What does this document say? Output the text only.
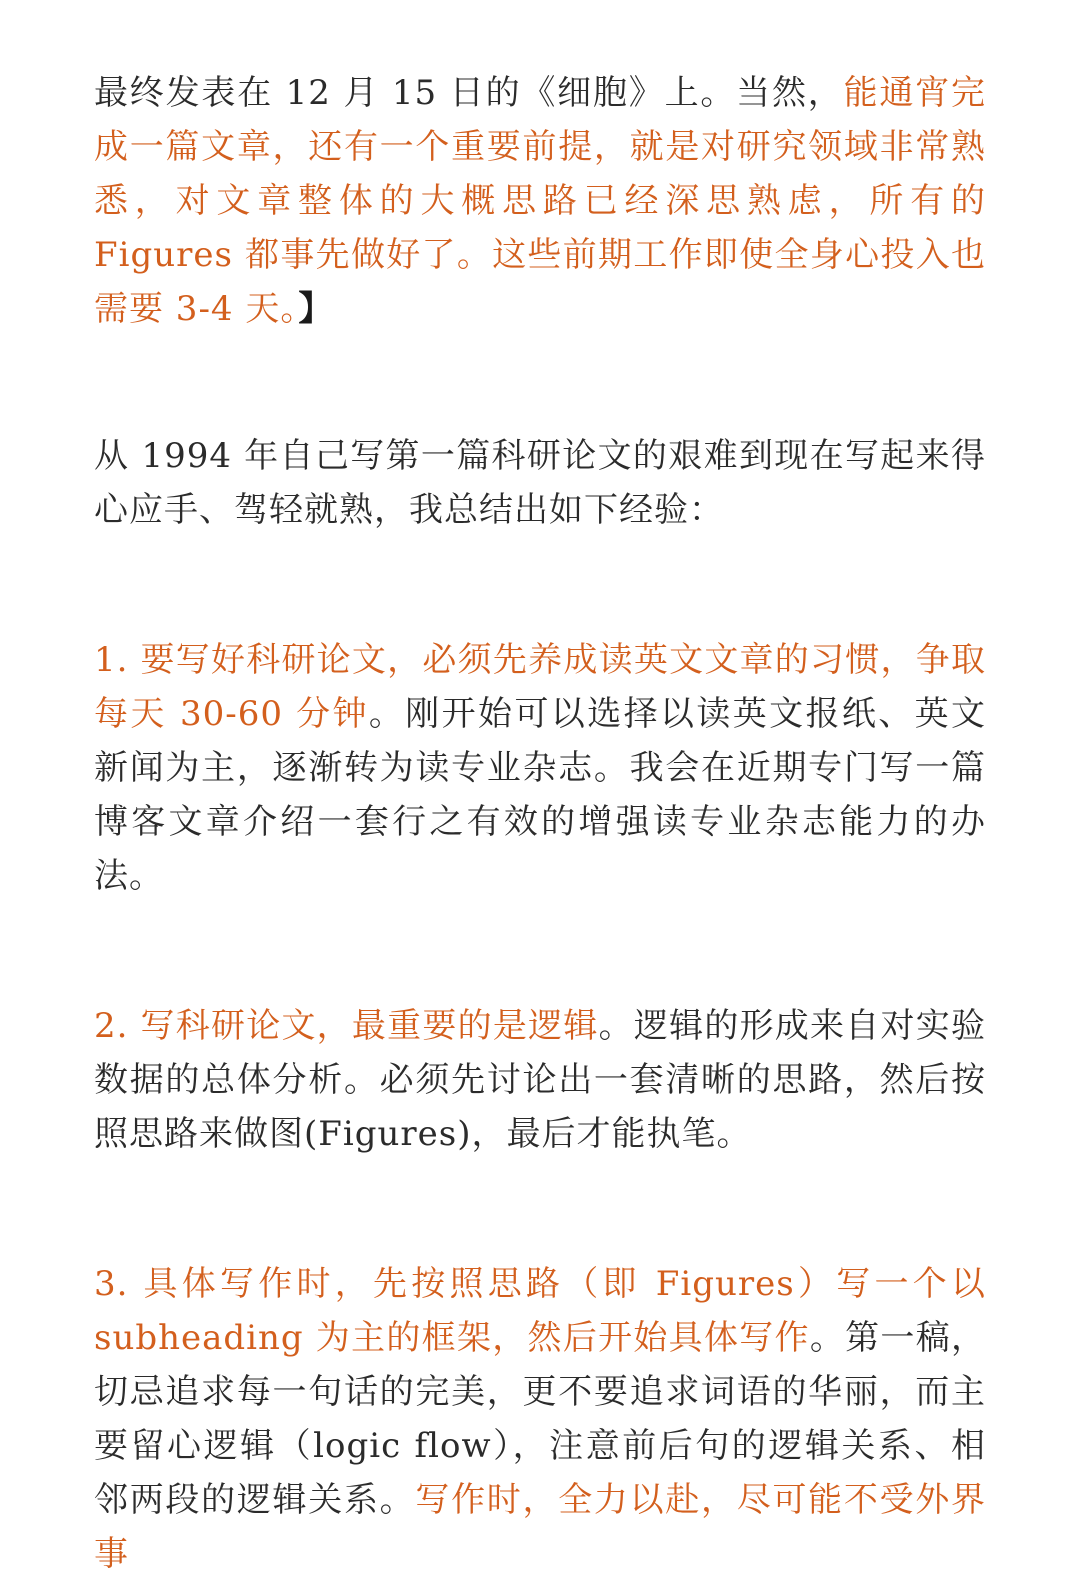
最终发表在 12 月 15 日的《细胞》上。当然，能通宵完成一篇文章，还有一个重要前提，就是对研究领域非常熟悉，对文章整体的大概思路已经深思熟虑，所有的 Figures 都事先做好了。这些前期工作即使全身心投入也需要 3-4 天。】

从 1994 年自己写第一篇科研论文的艰难到现在写起来得心应手、驾轻就熟，我总结出如下经验：

1. 要写好科研论文，必须先养成读英文文章的习惯，争取每天 30-60 分钟。刚开始可以选择以读英文报纸、英文新闻为主，逐渐转为读专业杂志。我会在近期专门写一篇博客文章介绍一套行之有效的增强读专业杂志能力的办法。

2. 写科研论文，最重要的是逻辑。逻辑的形成来自对实验数据的总体分析。必须先讨论出一套清晰的思路，然后按照思路来做图(Figures)，最后才能执笔。

3. 具体写作时，先按照思路（即 Figures）写一个以 subheading 为主的框架，然后开始具体写作。第一稿，切忌追求每一句话的完美，更不要追求词语的华丽，而主要留心逻辑（logic flow），注意前后句的逻辑关系、相邻两段的逻辑关系。写作时，全力以赴，尽可能不受外界事
